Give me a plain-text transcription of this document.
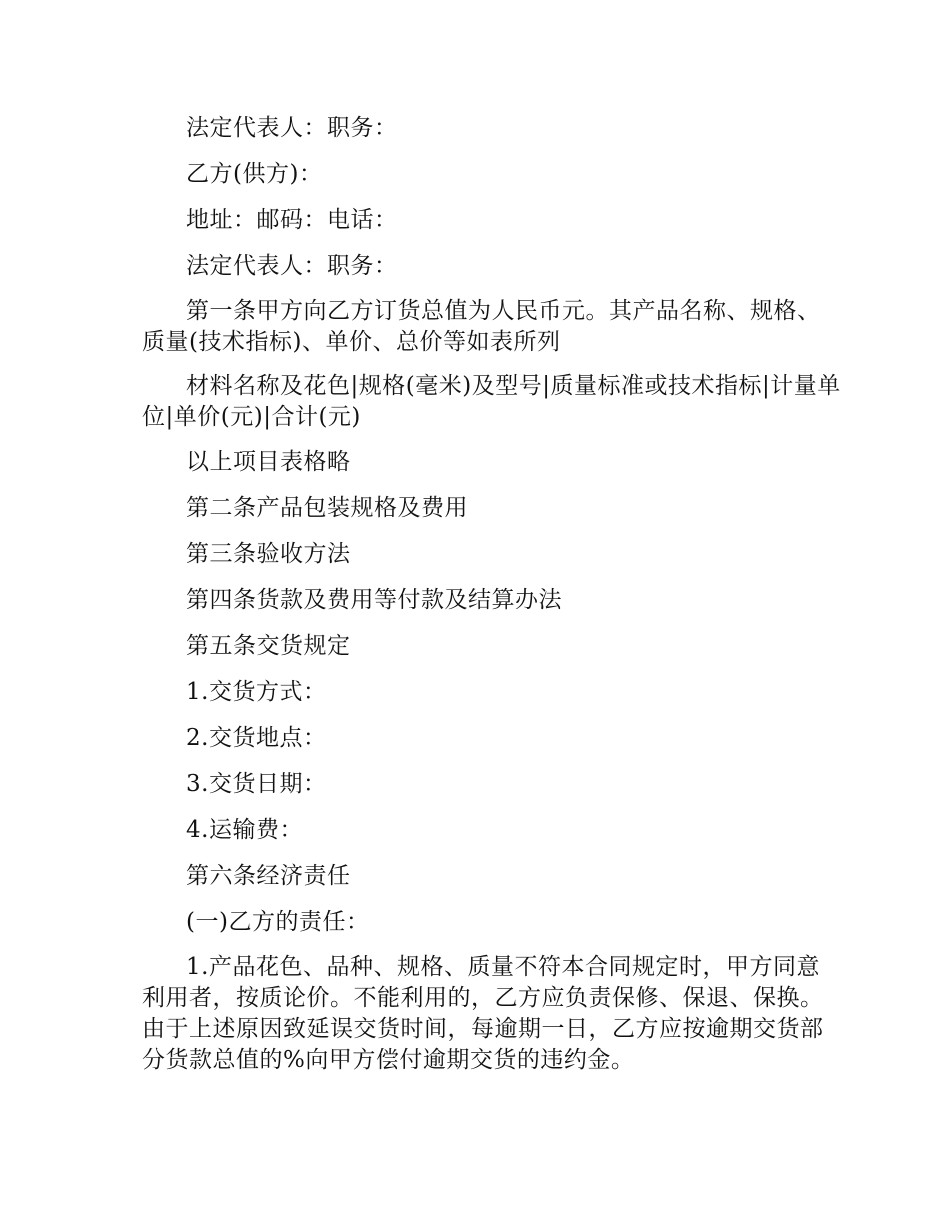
法定代表人：职务：

乙方(供方)：

地址：邮码：电话：

法定代表人：职务：

第一条甲方向乙方订货总值为人民币元。其产品名称、规格、质量(技术指标)、单价、总价等如表所列

材料名称及花色|规格(毫米)及型号|质量标准或技术指标|计量单位|单价(元)|合计(元)

以上项目表格略

第二条产品包装规格及费用

第三条验收方法

第四条货款及费用等付款及结算办法

第五条交货规定

1.交货方式：

2.交货地点：

3.交货日期：

4.运输费：

第六条经济责任

(一)乙方的责任：

1.产品花色、品种、规格、质量不符本合同规定时，甲方同意利用者，按质论价。不能利用的，乙方应负责保修、保退、保换。由于上述原因致延误交货时间，每逾期一日，乙方应按逾期交货部分货款总值的%向甲方偿付逾期交货的违约金。
